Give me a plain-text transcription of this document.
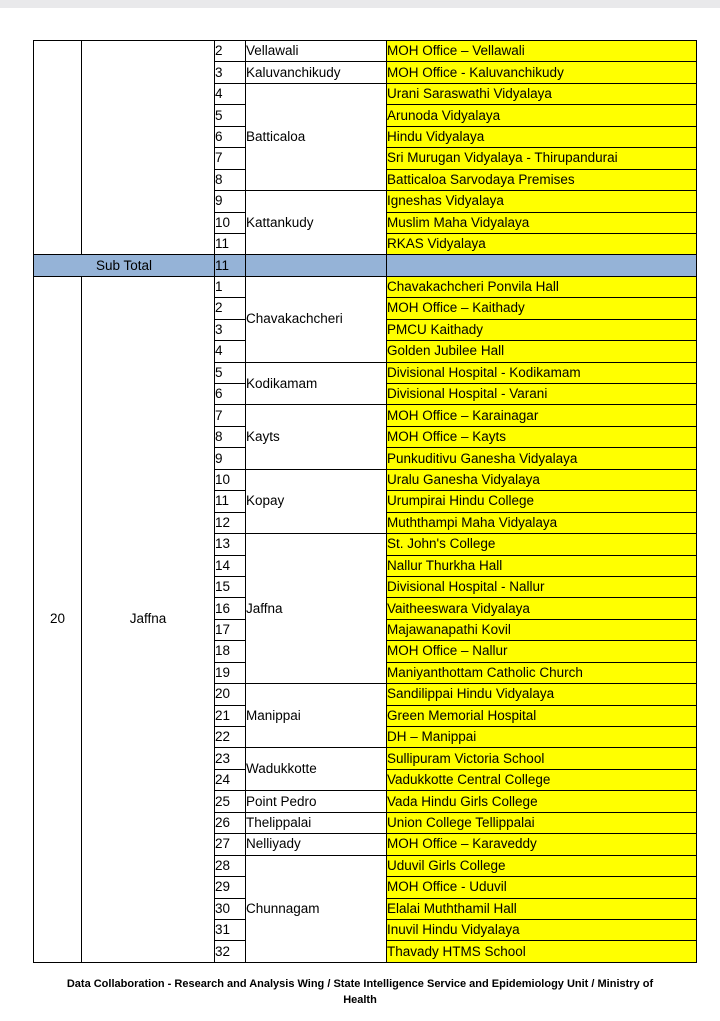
		2	Vellawali	MOH Office – Vellawali
		3	Kaluvanchikudy	MOH Office - Kaluvanchikudy
		4	Batticaloa	Urani Saraswathi Vidyalaya
		5		Arunoda Vidyalaya
		6		Hindu Vidyalaya
		7		Sri Murugan Vidyalaya - Thirupandurai
		8		Batticaloa Sarvodaya Premises
		9	Kattankudy	Igneshas Vidyalaya
		10		Muslim Maha Vidyalaya
		11		RKAS Vidyalaya
Sub Total		11		
20	Jaffna	1	Chavakachcheri	Chavakachcheri Ponvila Hall
		2		MOH Office – Kaithady
		3		PMCU Kaithady
		4		Golden Jubilee Hall
		5	Kodikamam	Divisional Hospital - Kodikamam
		6		Divisional Hospital - Varani
		7	Kayts	MOH Office – Karainagar
		8		MOH Office – Kayts
		9		Punkuditivu Ganesha Vidyalaya
		10	Kopay	Uralu Ganesha Vidyalaya
		11		Urumpirai Hindu College
		12		Muththampi Maha Vidyalaya
		13	Jaffna	St. John's College
		14		Nallur Thurkha Hall
		15		Divisional Hospital - Nallur
		16		Vaitheeswara Vidyalaya
		17		Majawanapathi Kovil
		18		MOH Office – Nallur
		19		Maniyanthottam Catholic Church
		20	Manippai	Sandilippai Hindu Vidyalaya
		21		Green Memorial Hospital
		22		DH – Manippai
		23	Wadukkotte	Sullipuram Victoria School
		24		Vadukkotte Central College
		25	Point Pedro	Vada Hindu Girls College
		26	Thelippalai	Union College Tellippalai
		27	Nelliyady	MOH Office – Karaveddy
		28	Chunnagam	Uduvil Girls College
		29		MOH Office - Uduvil
		30		Elalai Muththamil Hall
		31		Inuvil Hindu Vidyalaya
		32		Thavady HTMS School
Data Collaboration - Research and Analysis Wing / State Intelligence Service and Epidemiology Unit / Ministry of
Health
